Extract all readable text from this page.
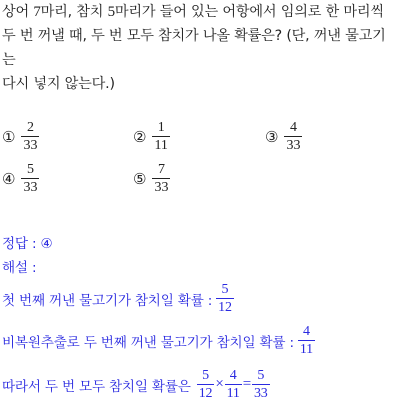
상어 7마리, 참치 5마리가 들어 있는 어항에서 임의로 한 마리씩
두 번 꺼낼 때, 두 번 모두 참치가 나올 확률은? (단, 꺼낸 물고기는
다시 넣지 않는다.)
① $\frac{2}{33}$	② $\frac{1}{11}$	③ $\frac{4}{33}$
④ $\frac{5}{33}$	⑤ $\frac{7}{33}$
정답 : ④
해설 :
첫 번째 꺼낸 물고기가 참치일 확률 : $\frac{5}{12}$
비복원추출로 두 번째 꺼낸 물고기가 참치일 확률 : $\frac{4}{11}$
따라서 두 번 모두 참치일 확률은 $\frac{5}{12} \times \frac{4}{11} = \frac{5}{33}$
